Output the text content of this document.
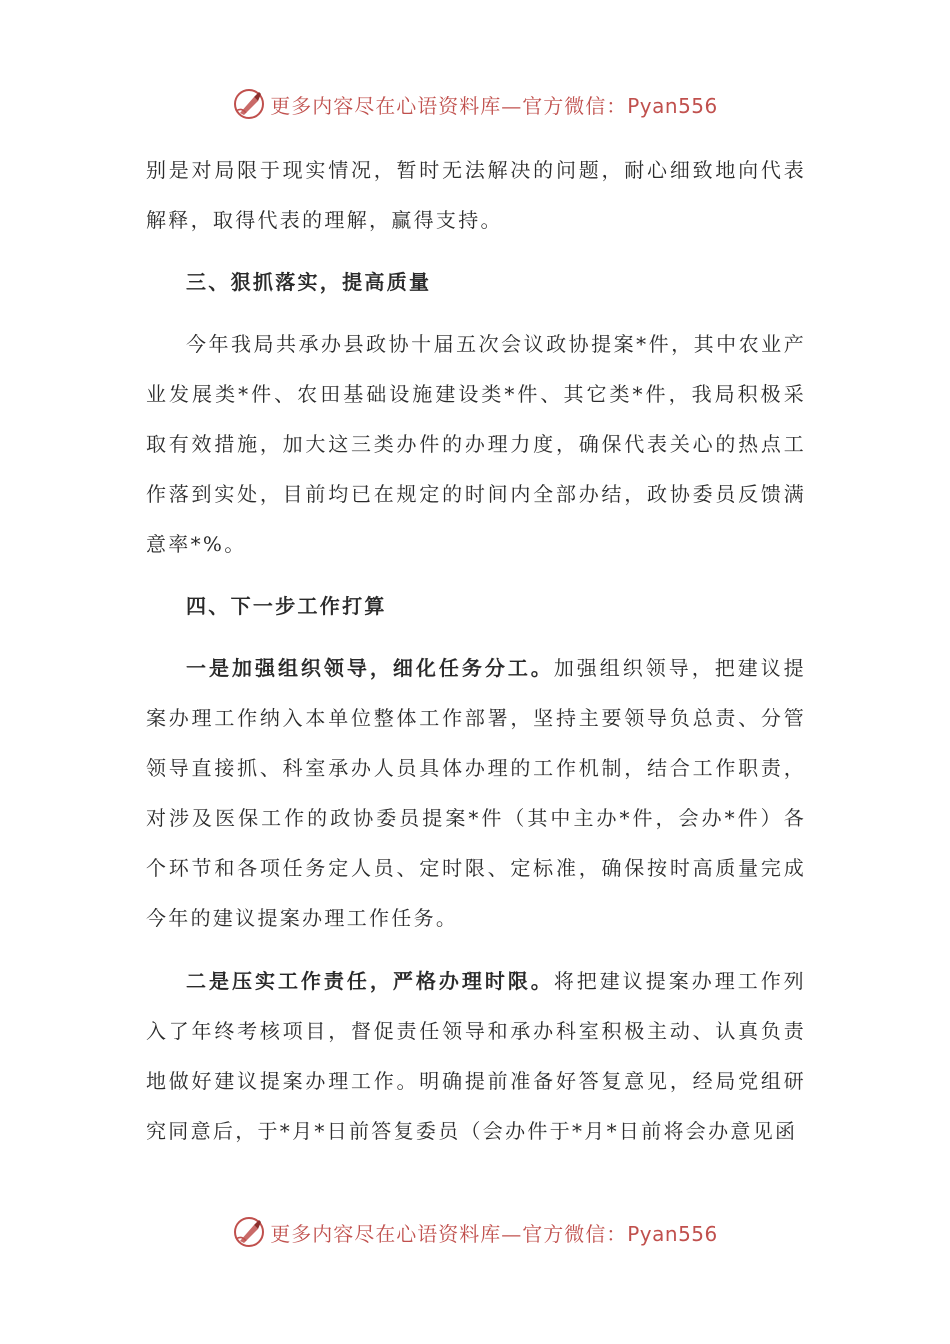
更多内容尽在心语资料库—官方微信：Pyan556

别是对局限于现实情况，暂时无法解决的问题，耐心细致地向代表解释，取得代表的理解，赢得支持。

三、狠抓落实，提高质量

今年我局共承办县政协十届五次会议政协提案*件，其中农业产业发展类*件、农田基础设施建设类*件、其它类*件，我局积极采取有效措施，加大这三类办件的办理力度，确保代表关心的热点工作落到实处，目前均已在规定的时间内全部办结，政协委员反馈满意率*%。

四、下一步工作打算

一是加强组织领导，细化任务分工。加强组织领导，把建议提案办理工作纳入本单位整体工作部署，坚持主要领导负总责、分管领导直接抓、科室承办人员具体办理的工作机制，结合工作职责，对涉及医保工作的政协委员提案*件（其中主办*件，会办*件）各个环节和各项任务定人员、定时限、定标准，确保按时高质量完成今年的建议提案办理工作任务。

二是压实工作责任，严格办理时限。将把建议提案办理工作列入了年终考核项目，督促责任领导和承办科室积极主动、认真负责地做好建议提案办理工作。明确提前准备好答复意见，经局党组研究同意后，于*月*日前答复委员（会办件于*月*日前将会办意见函

更多内容尽在心语资料库—官方微信：Pyan556
